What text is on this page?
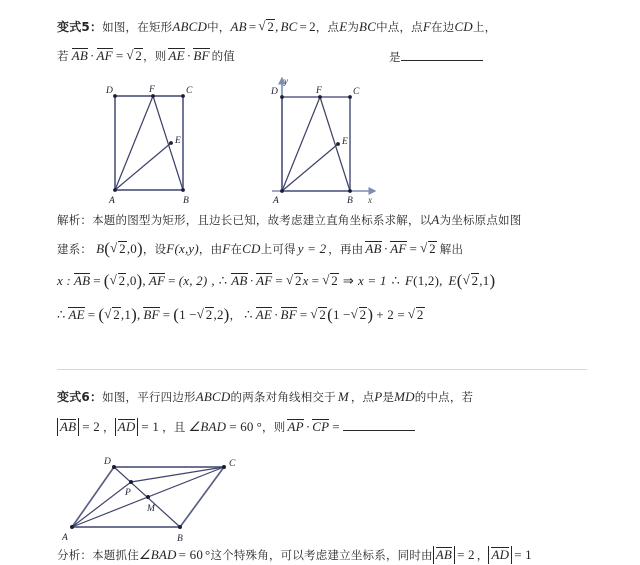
变式5： 如图，在矩形 ABCD 中， AB = √ 2 , BC = 2 ，点 E 为 BC 中点，点 F 在边 CD 上，
若 AB · AF = √ 2 ，则 AE · BF 的值	是
A	B
C
D
E
F
y
x
A	B
C
D
E
F
解析： 本题的图型为矩形，且边长已知，故考虑建立直角坐标系求解，以 A 为坐标原点如图
建系： B ( √ 2 , 0 ) ，设 F (x,y) ，由 F 在 CD 上可得 y = 2 ，再由 AB · AF = √ 2 解出
x : AB = ( √ 2 , 0 ) , AF = (x, 2) , ∴ AB · AF = √ 2 x = √ 2 ⇒ x = 1 ∴ F (1,2) , E ( √ 2 , 1 )
∴ AE = ( √ 2 , 1 ) , BF = ( 1 − √ 2 , 2 ) ， ∴ AE · BF = √ 2 ( 1 − √ 2 ) + 2 = √ 2
变式6： 如图，平行四边形 ABCD 的两条对角线相交于 M ，点 P 是 MD 的中点，若
AB = 2 ， AD = 1 ，且 ∠BAD = 60 ° ，则 AP · CP =
A	B
C
D
M
P
分析： 本题抓住 ∠BAD = 60 ° 这个特殊角，可以考虑建立坐标系，同时由 AB = 2 ， AD = 1
